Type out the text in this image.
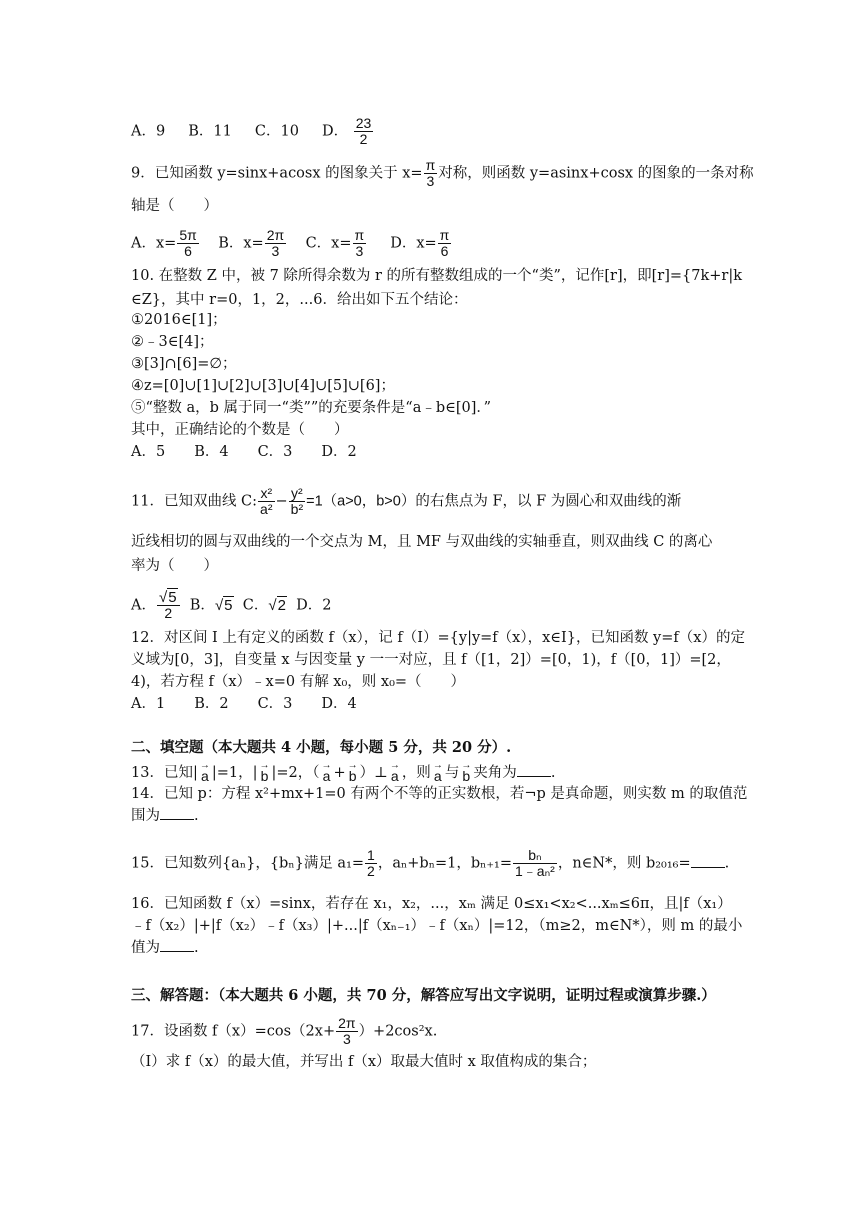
A．9 B．11 C．10 D． $\frac{23}{2}$
9．已知函数 y=sinx+acosx 的图象关于 $x= \frac{\pi}{3}$ 对称，则函数 y=asinx+cosx 的图象的一条对称
轴是（　　）
A．$x= \frac{5\pi}{6}$ B．$x= \frac{2\pi}{3}$ C．$x= \frac{\pi}{3}$ D．$x= \frac{\pi}{6}$
10. 在整数 Z 中，被 7 除所得余数为 r 的所有整数组成的一个“类”，记作[r]，即[r]={7k+r|k
∈Z}，其中 r=0，1，2，...6．给出如下五个结论：
①2016∈[1]；
②﹣3∈[4]；
③[3]∩[6]=∅；
④z=[0]∪[1]∪[2]∪[3]∪[4]∪[5]∪[6]；
⑤“整数 a，b 属于同一“类””的充要条件是“a﹣b∈[0]．”
其中，正确结论的个数是（　　）
A．5　　B．4　　C．3　　D．2
11．已知双曲线 C: $\frac{\text{x²}}{\text{a²}} - \frac{\text{y²}}{\text{b²}} =1(a>0$，b>0）的右焦点为 F，以 F 为圆心和双曲线的渐
近线相切的圆与双曲线的一个交点为 M，且 MF 与双曲线的实轴垂直，则双曲线 C 的离心
率为（　　）
A． $\frac{√5}{2}$ B．√5 C．√2 D．2
12．对区间 I 上有定义的函数 f（x），记 f（I）={y|y=f（x），x∈I}，已知函数 y=f（x）的定
义域为[0，3]，自变量 x 与因变量 y 一一对应，且 f（[1，2]）=[0，1)，f（[0，1]）=[2，
4)，若方程 f（x）﹣x=0 有解 x₀，则 x₀=（　　）
A．1　　B．2　　C．3　　D．4
二、填空题（本大题共 4 小题，每小题 5 分，共 20 分）.
13．已知| →
a |=1，| →
b |=2，（ →
a + →
b ）⊥ →
a ，则 →
a 与 →
b 夹角为 .
14．已知 p：方程 x²+mx+1=0 有两个不等的正实数根，若¬p 是真命题，则实数 m 的取值范
围为 .
15．已知数列{aₙ}，{bₙ}满足 $a_1= \frac{1}{2}$ ，aₙ+bₙ=1，$b_{n+1}= \frac{\text{bₙ}}{\text{1﹣aₙ²}}$ ，n∈N*，则 b₂₀₁₆= .
16．已知函数 f（x）=sinx，若存在 x₁，x₂，...，xₘ 满足 0≤x₁<x₂<...xₘ≤6π，且|f（x₁）
﹣f（x₂）|+|f（x₂）﹣f（x₃）|+...|f（xₙ₋₁）﹣f（xₙ）|=12，（m≥2，m∈N*），则 m 的最小
值为 .
三、解答题：（本大题共 6 小题，共 70 分，解答应写出文字说明，证明过程或演算步骤.）
17．设函数 $f(x)=\cos(2x+ \frac{2\pi}{3} )+2\cos^2x$.
（Ⅰ）求 f（x）的最大值，并写出 f（x）取最大值时 x 取值构成的集合；
